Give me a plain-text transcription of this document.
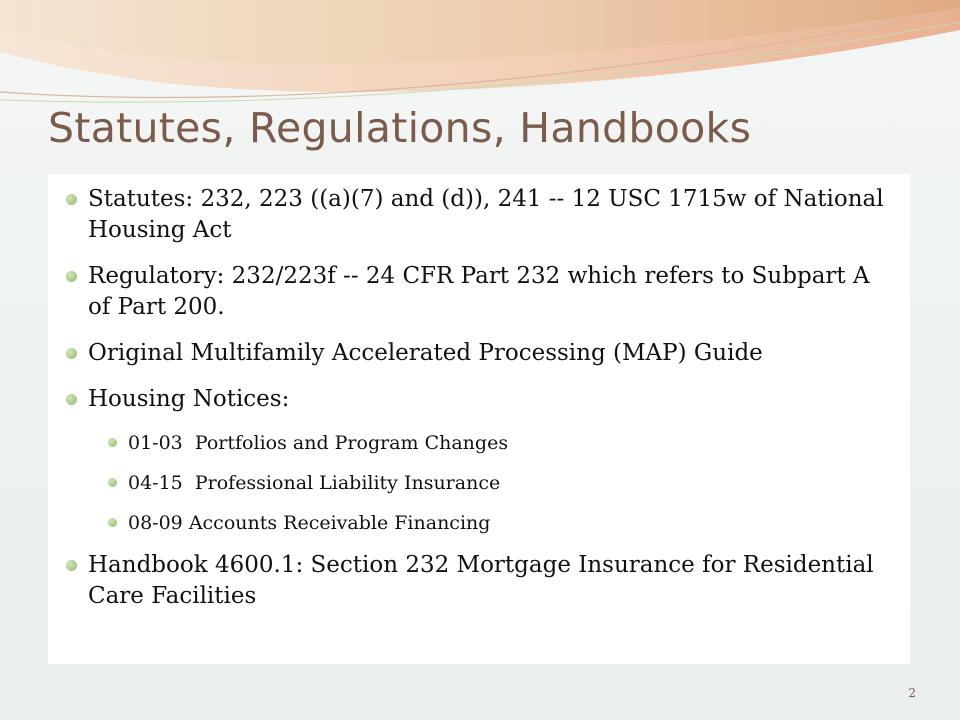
Statutes, Regulations, Handbooks
Statutes: 232, 223 ((a)(7) and (d)), 241 -- 12 USC 1715w of National Housing Act
Regulatory: 232/223f -- 24 CFR Part 232 which refers to Subpart A of Part 200.
Original Multifamily Accelerated Processing (MAP) Guide
Housing Notices:
01-03  Portfolios and Program Changes
04-15  Professional Liability Insurance
08-09 Accounts Receivable Financing
Handbook 4600.1: Section 232 Mortgage Insurance for Residential Care Facilities
2
